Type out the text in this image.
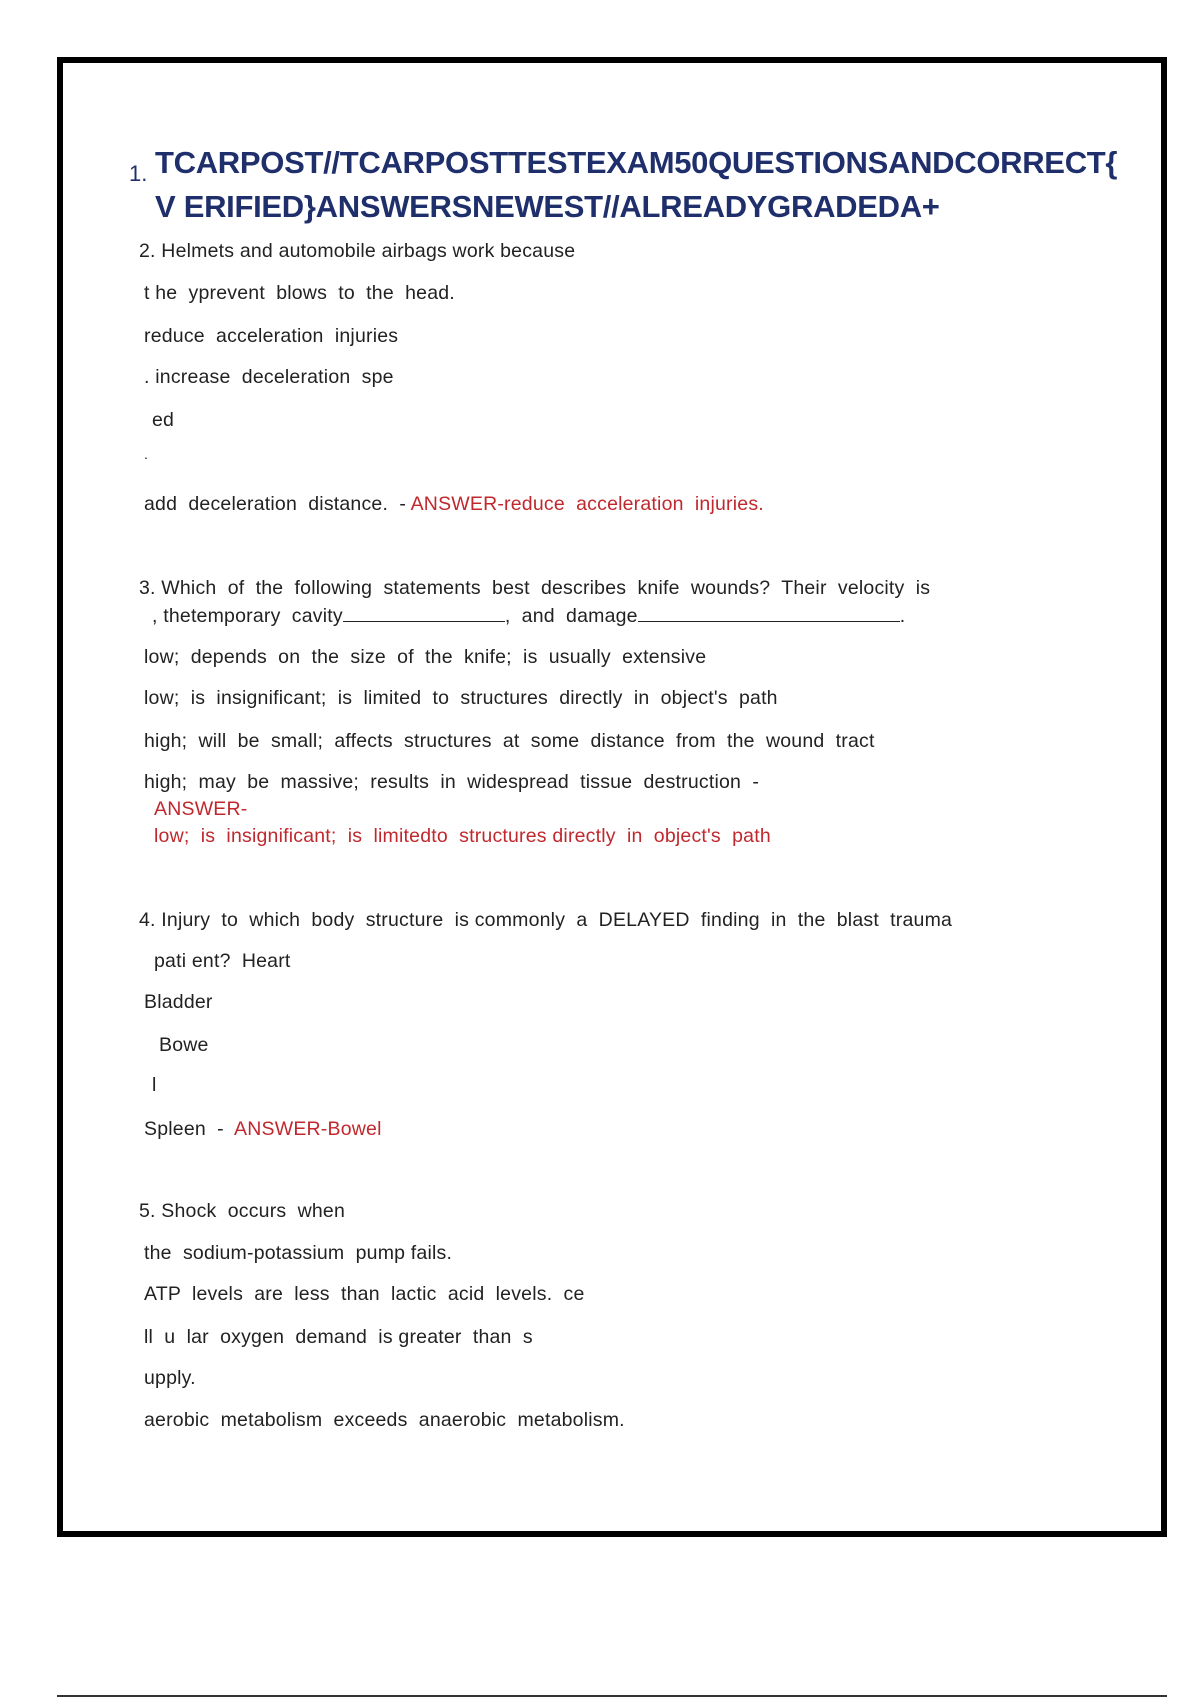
1. TCARPOST//TCARPOSTTESTEXAM50QUESTIONSANDCORRECT{
V ERIFIED}ANSWERSNEWEST//ALREADYGRADEDA+
2. Helmets and automobile airbags work because
t he  yprevent  blows  to  the  head.
reduce  acceleration  injuries
. increase  deceleration  spe
ed
.
add  deceleration  distance.  - ANSWER-reduce  acceleration  injuries.
3. Which  of  the  following  statements  best  describes  knife  wounds?  Their  velocity  is
, thetemporary  cavity	,  and  damage	.
low;  depends  on  the  size  of  the  knife;  is  usually  extensive
low;  is  insignificant;  is  limited  to  structures  directly  in  object's  path
high;  will  be  small;  affects  structures  at  some  distance  from  the  wound  tract
high;  may  be  massive;  results  in  widespread  tissue  destruction  -
ANSWER-
low;  is  insignificant;  is  limitedto  structures directly  in  object's  path
4. Injury  to  which  body  structure  is commonly  a  DELAYED  finding  in  the  blast  trauma
pati ent?  Heart
Bladder
Bowe
l
Spleen  -  ANSWER-Bowel
5. Shock  occurs  when
the  sodium-potassium  pump fails.
ATP  levels  are  less  than  lactic  acid  levels.  ce
ll  u  lar  oxygen  demand  is greater  than  s
upply.
aerobic  metabolism  exceeds  anaerobic  metabolism.
